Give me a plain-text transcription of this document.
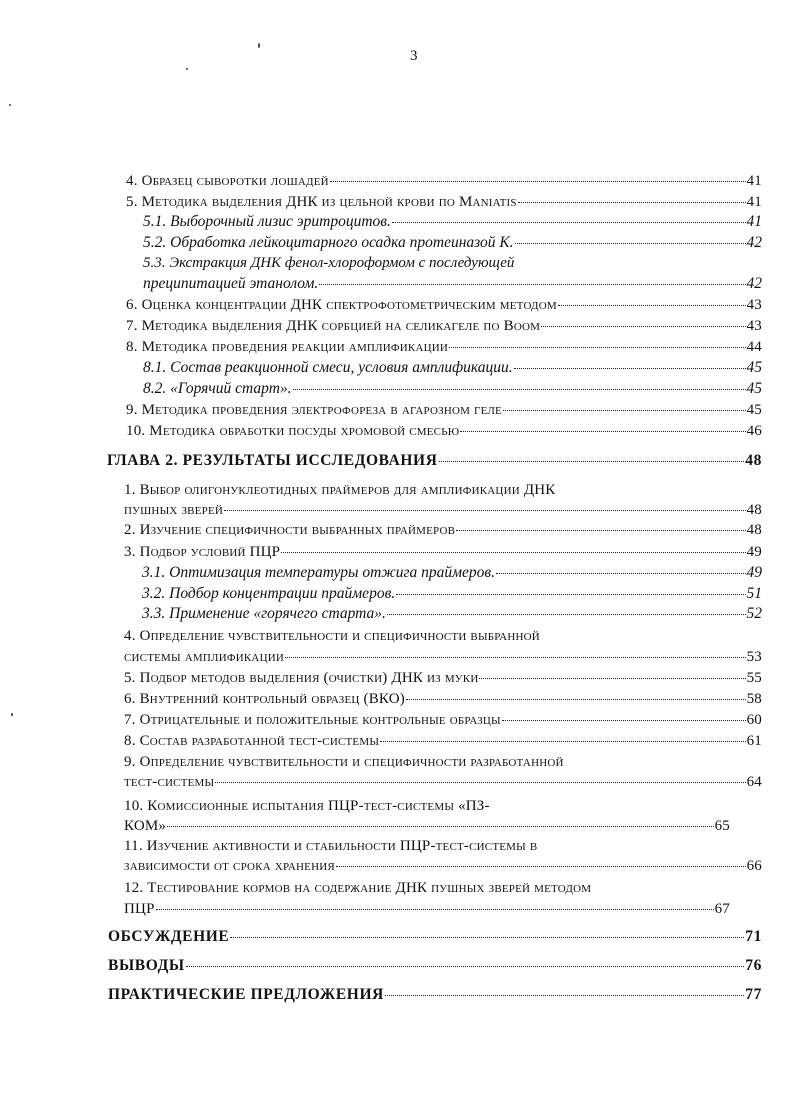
3
4. Образец сыворотки лошадей	41
5. Методика выделения ДНК из цельной крови по Maniatis	41
5.1. Выборочный лизис эритроцитов.	41
5.2. Обработка лейкоцитарного осадка протеиназой К.	42
5.3. Экстракция ДНК фенол-хлороформом с последующей
преципитацией этанолом.	42
6. Оценка концентрации ДНК спектрофотометрическим методом	43
7. Методика выделения ДНК сорбцией на селикагеле по Boom	43
8. Методика проведения реакции амплификации	44
8.1. Состав реакционной смеси, условия амплификации.	45
8.2. «Горячий старт».	45
9. Методика проведения электрофореза в агарозном геле	45
10. Методика обработки посуды хромовой смесью	46
ГЛАВА 2. РЕЗУЛЬТАТЫ ИССЛЕДОВАНИЯ	48
1. Выбор олигонуклеотидных праймеров для амплификации ДНК
пушных зверей	48
2. Изучение специфичности выбранных праймеров	48
3. Подбор условий ПЦР	49
3.1. Оптимизация температуры отжига праймеров.	49
3.2. Подбор концентрации праймеров.	51
3.3. Применение «горячего старта».	52
4. Определение чувствительности и специфичности выбранной
системы амплификации	53
5. Подбор методов выделения (очистки) ДНК из муки	55
6. Внутренний контрольный образец (ВКО)	58
7. Отрицательные и положительные контрольные образцы	60
8. Состав разработанной тест-системы	61
9. Определение чувствительности и специфичности разработанной
тест-системы	64
10. Комиссионные испытания ПЦР-тест-системы «ПЗ-
КОМ»	65
11. Изучение активности и стабильности ПЦР-тест-системы в
зависимости от срока хранения	66
12. Тестирование кормов на содержание ДНК пушных зверей методом
ПЦР	67
ОБСУЖДЕНИЕ	71
ВЫВОДЫ	76
ПРАКТИЧЕСКИЕ ПРЕДЛОЖЕНИЯ	77
